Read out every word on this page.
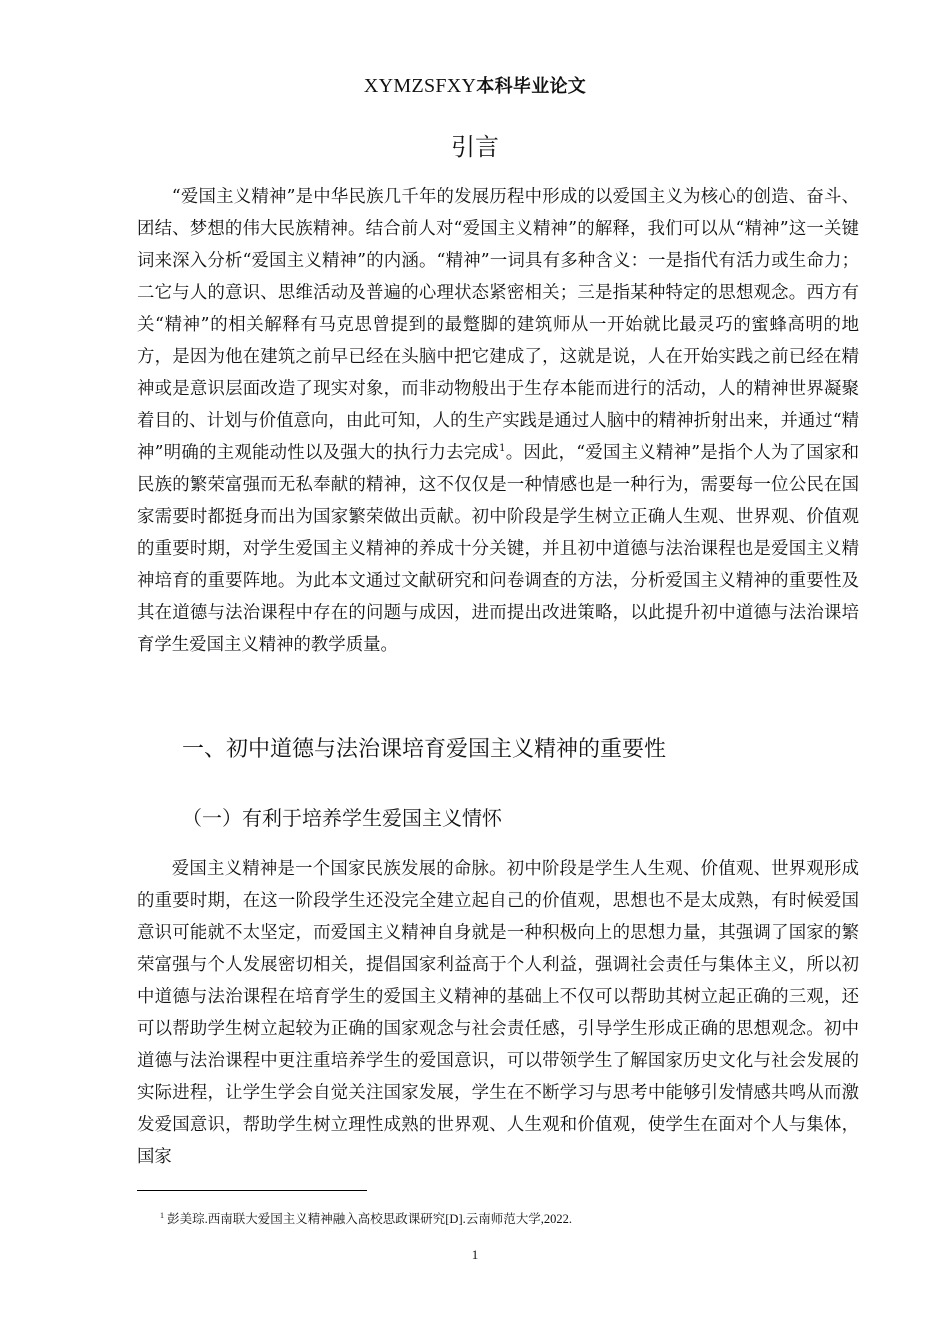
XYMZSFXY本科毕业论文
引言

“爱国主义精神”是中华民族几千年的发展历程中形成的以爱国主义为核心的创造、奋斗、团结、梦想的伟大民族精神。结合前人对“爱国主义精神”的解释，我们可以从“精神”这一关键词来深入分析“爱国主义精神”的内涵。“精神”一词具有多种含义：一是指代有活力或生命力；二它与人的意识、思维活动及普遍的心理状态紧密相关；三是指某种特定的思想观念。西方有关“精神”的相关解释有马克思曾提到的最蹩脚的建筑师从一开始就比最灵巧的蜜蜂高明的地方，是因为他在建筑之前早已经在头脑中把它建成了，这就是说，人在开始实践之前已经在精神或是意识层面改造了现实对象，而非动物般出于生存本能而进行的活动，人的精神世界凝聚着目的、计划与价值意向，由此可知，人的生产实践是通过人脑中的精神折射出来，并通过“精神”明确的主观能动性以及强大的执行力去完成$^1$。因此，“爱国主义精神”是指个人为了国家和民族的繁荣富强而无私奉献的精神，这不仅仅是一种情感也是一种行为，需要每一位公民在国家需要时都挺身而出为国家繁荣做出贡献。初中阶段是学生树立正确人生观、世界观、价值观的重要时期，对学生爱国主义精神的养成十分关键，并且初中道德与法治课程也是爱国主义精神培育的重要阵地。为此本文通过文献研究和问卷调查的方法，分析爱国主义精神的重要性及其在道德与法治课程中存在的问题与成因，进而提出改进策略，以此提升初中道德与法治课培育学生爱国主义精神的教学质量。

一、初中道德与法治课培育爱国主义精神的重要性
（一）有利于培养学生爱国主义情怀

爱国主义精神是一个国家民族发展的命脉。初中阶段是学生人生观、价值观、世界观形成的重要时期，在这一阶段学生还没完全建立起自己的价值观，思想也不是太成熟，有时候爱国意识可能就不太坚定，而爱国主义精神自身就是一种积极向上的思想力量，其强调了国家的繁荣富强与个人发展密切相关，提倡国家利益高于个人利益，强调社会责任与集体主义，所以初中道德与法治课程在培育学生的爱国主义精神的基础上不仅可以帮助其树立起正确的三观，还可以帮助学生树立起较为正确的国家观念与社会责任感，引导学生形成正确的思想观念。初中道德与法治课程中更注重培养学生的爱国意识，可以带领学生了解国家历史文化与社会发展的实际进程，让学生学会自觉关注国家发展，学生在不断学习与思考中能够引发情感共鸣从而激发爱国意识，帮助学生树立理性成熟的世界观、人生观和价值观，使学生在面对个人与集体，国家

$^1$ 彭美琮.西南联大爱国主义精神融入高校思政课研究[D].云南师范大学,2022.
1
